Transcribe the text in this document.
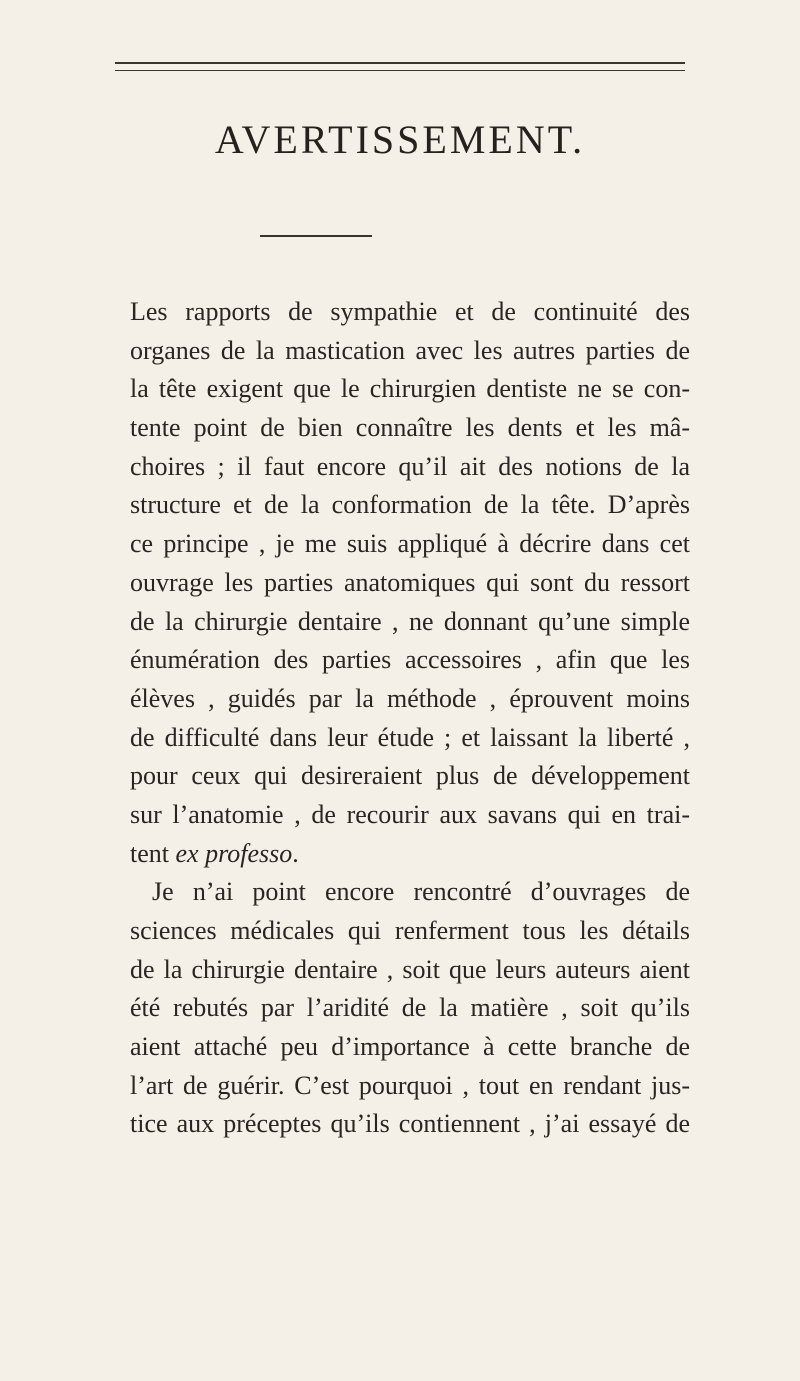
AVERTISSEMENT.
Les rapports de sympathie et de continuité des
organes de la mastication avec les autres parties de
la tête exigent que le chirurgien dentiste ne se con-
tente point de bien connaître les dents et les mâ-
choires ; il faut encore qu’il ait des notions de la
structure et de la conformation de la tête. D’après
ce principe , je me suis appliqué à décrire dans cet
ouvrage les parties anatomiques qui sont du ressort
de la chirurgie dentaire , ne donnant qu’une simple
énumération des parties accessoires , afin que les
élèves , guidés par la méthode , éprouvent moins
de difficulté dans leur étude ; et laissant la liberté ,
pour ceux qui desireraient plus de développement
sur l’anatomie , de recourir aux savans qui en trai-
tent ex professo.
Je n’ai point encore rencontré d’ouvrages de
sciences médicales qui renferment tous les détails
de la chirurgie dentaire , soit que leurs auteurs aient
été rebutés par l’aridité de la matière , soit qu’ils
aient attaché peu d’importance à cette branche de
l’art de guérir. C’est pourquoi , tout en rendant jus-
tice aux préceptes qu’ils contiennent , j’ai essayé de
